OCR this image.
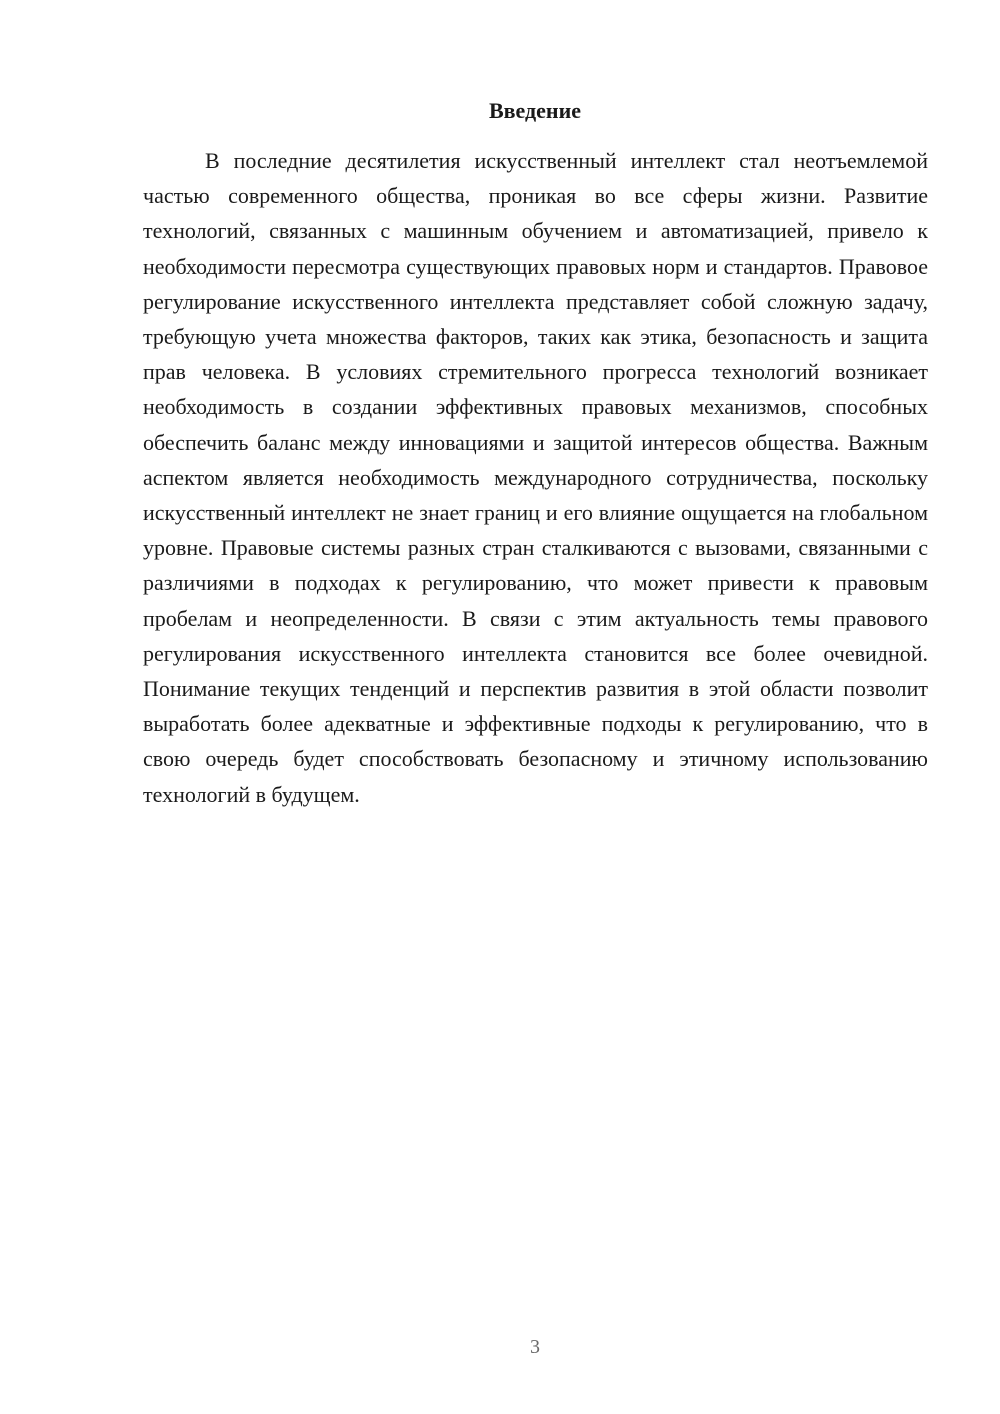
Введение

В последние десятилетия искусственный интеллект стал неотъемлемой частью современного общества, проникая во все сферы жизни. Развитие технологий, связанных с машинным обучением и автоматизацией, привело к необходимости пересмотра существующих правовых норм и стандартов. Правовое регулирование искусственного интеллекта представляет собой сложную задачу, требующую учета множества факторов, таких как этика, безопасность и защита прав человека. В условиях стремительного прогресса технологий возникает необходимость в создании эффективных правовых механизмов, способных обеспечить баланс между инновациями и защитой интересов общества. Важным аспектом является необходимость международного сотрудничества, поскольку искусственный интеллект не знает границ и его влияние ощущается на глобальном уровне. Правовые системы разных стран сталкиваются с вызовами, связанными с различиями в подходах к регулированию, что может привести к правовым пробелам и неопределенности. В связи с этим актуальность темы правового регулирования искусственного интеллекта становится все более очевидной. Понимание текущих тенденций и перспектив развития в этой области позволит выработать более адекватные и эффективные подходы к регулированию, что в свою очередь будет способствовать безопасному и этичному использованию технологий в будущем.

3
